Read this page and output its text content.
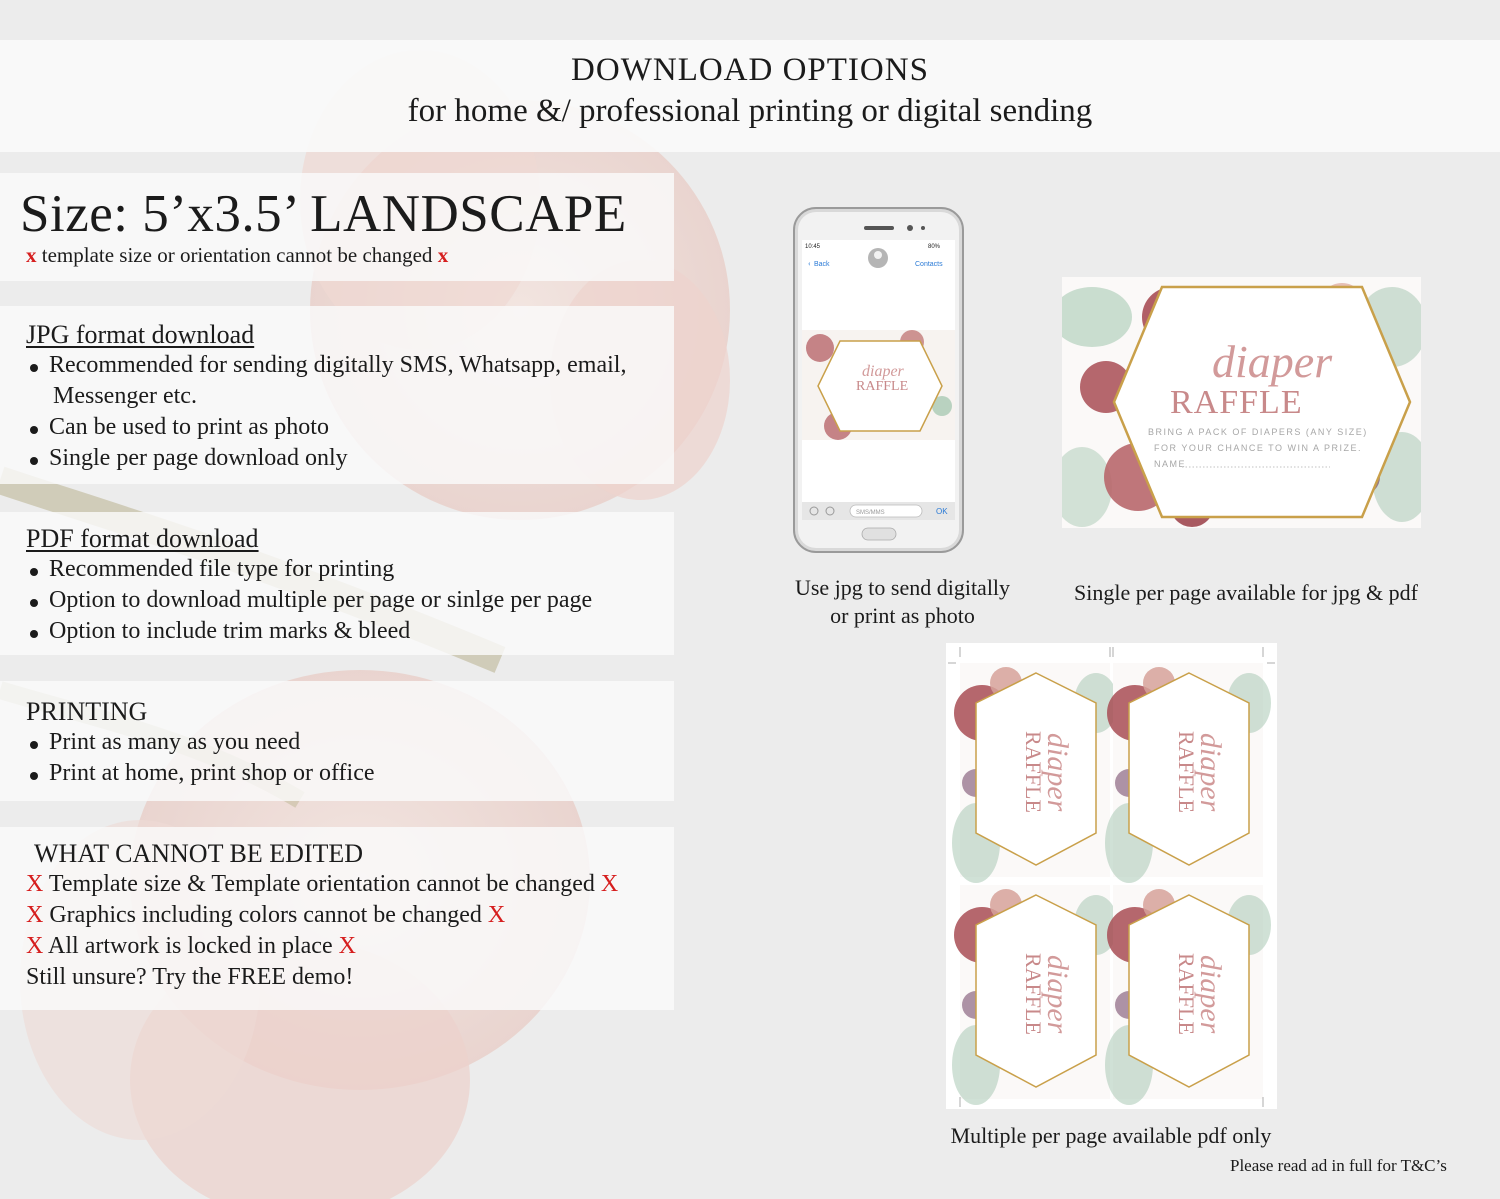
DOWNLOAD OPTIONS
for home &/ professional printing or digital sending
Size: 5’x3.5’ LANDSCAPE
x template size or orientation cannot be changed x
JPG format download
Recommended for sending digitally SMS, Whatsapp, email,
Messenger etc.
Can be used to print as photo
Single per page download only
PDF format download
Recommended file type for printing
Option to download multiple per page or sinlge per page
Option to include trim marks & bleed
PRINTING
Print as many as you need
Print at home, print shop or office
WHAT CANNOT BE EDITED
X Template size & Template orientation cannot be changed X
X Graphics including colors cannot be changed X
X All artwork is locked in place X
Still unsure? Try the FREE demo!
10:45	80%
Back
‹	Contacts
diaper
RAFFLE
SMS/MMS	OK
diaper
RAFFLE
BRING A PACK OF DIAPERS (ANY SIZE)
FOR YOUR CHANCE TO WIN A PRIZE.
NAME
diaper
RAFFLE
Use jpg to send digitally
or print as photo
Single per page available for jpg & pdf
Multiple per page available pdf only
Please read ad in full for T&C’s
